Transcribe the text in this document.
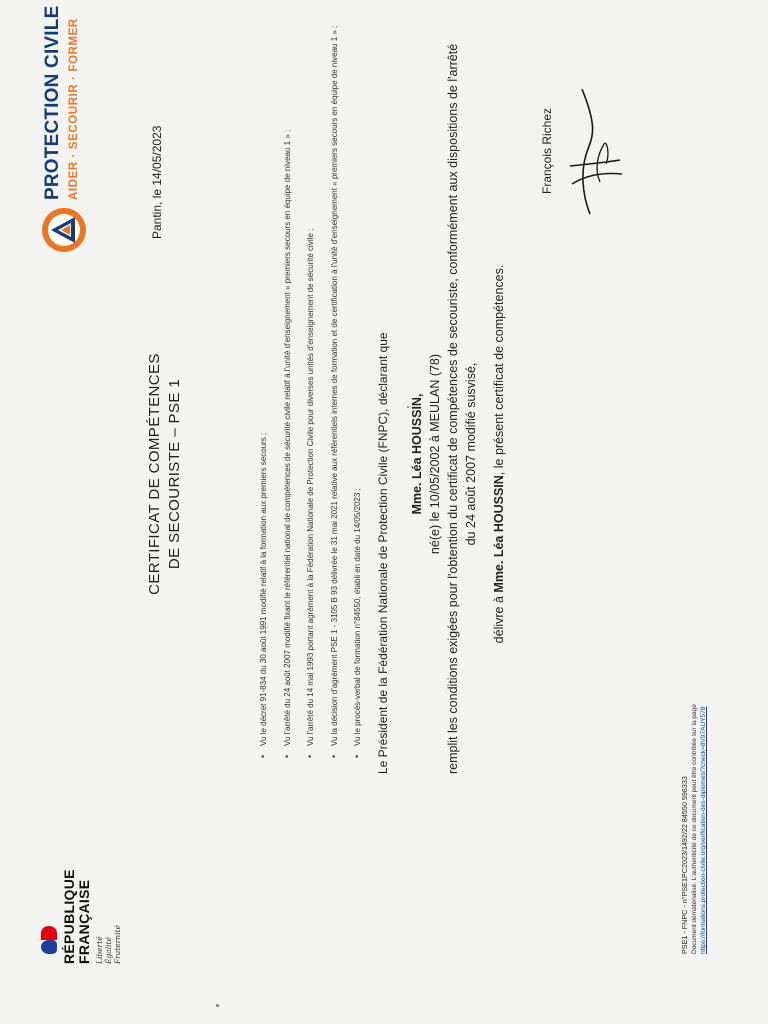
RÉPUBLIQUE FRANÇAISE Liberté Égalité Fraternité
PROTECTION CIVILE AIDER · SECOURIR · FORMER	Pantin, le 14/05/2023
CERTIFICAT DE COMPÉTENCES DE SECOURISTE – PSE 1	• Vu le décret 91-834 du 30 août 1991 modifié relatif à la formation aux premiers secours ;	• Vu l'arrêté du 24 août 2007 modifié fixant le référentiel national de compétences de sécurité civile relatif à l'unité d'enseignement « premiers secours en équipe de niveau 1 » ;	• Vu l'arrêté du 14 mai 1993 portant agrément à la Fédération Nationale de Protection Civile pour diverses unités d'enseignement de sécurité civile ;	• Vu la décision d'agrément PSE 1 - 3105 B 93 délivrée le 31 mai 2021 relative aux référentiels internes de formation et de certification à l'unité d'enseignement « premiers secours en équipe de niveau 1 » ;	• Vu le procès-verbal de formation n°84550, établi en date du 14/05/2023 ;	Le Président de la Fédération Nationale de Protection Civile (FNPC), déclarant que Mme. Léa HOUSSIN, né(e) le 10/05/2002 à MEULAN (78) remplit les conditions exigées pour l'obtention du certificat de compétences de secouriste, conformément aux dispositions de l'arrêté du 24 août 2007 modifié susvisé,
délivre à Mme. Léa HOUSSIN, le présent certificat de compétences.
François Richez
PSE1 - FNPC - n°PSE1PC2023/1492/22 84550 596333 Document dématérialisé. L'authenticité de ce document peut être contrôlée sur la page https://formations.protection-civile.org/verification-des-diplomes/?check=8V97AUY578
